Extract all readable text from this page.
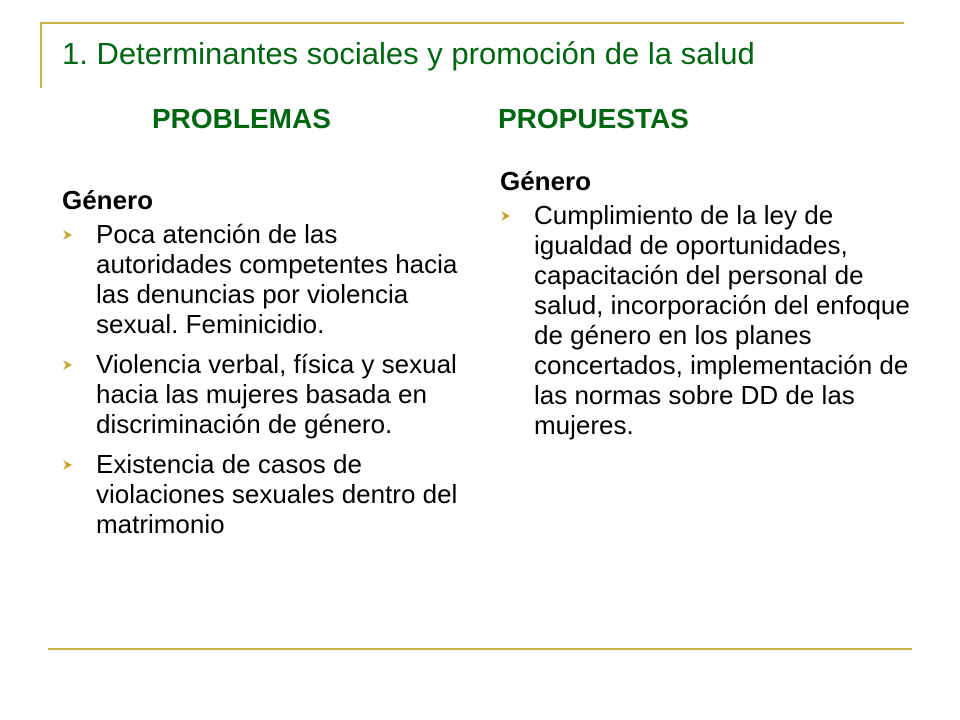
1. Determinantes sociales y promoción de la salud
PROBLEMAS	PROPUESTAS
Género
Poca atención de las autoridades competentes hacia las denuncias por violencia sexual. Feminicidio.
Violencia verbal, física y sexual hacia las mujeres basada en discriminación de género.
Existencia de casos de violaciones sexuales dentro del matrimonio
Género
Cumplimiento de la ley de igualdad de oportunidades, capacitación del personal de salud, incorporación del enfoque de género en los planes concertados, implementación de las normas sobre DD de las mujeres.
